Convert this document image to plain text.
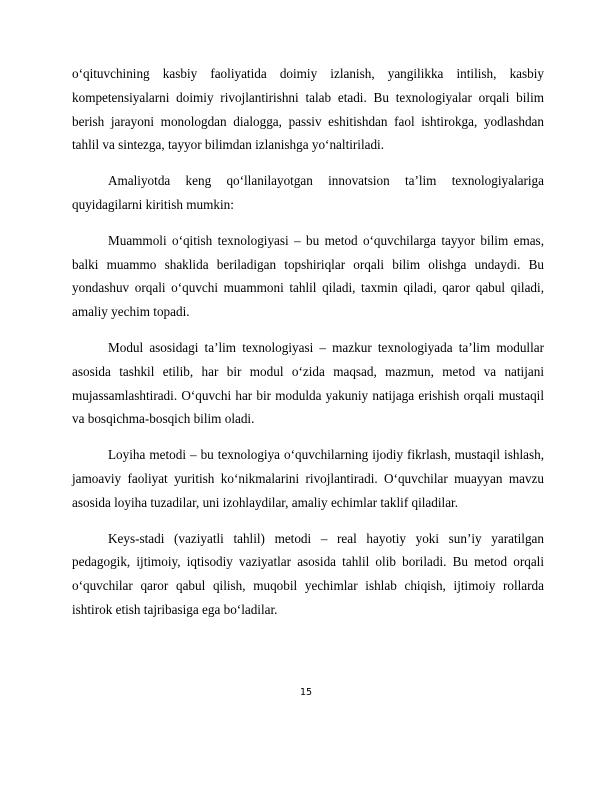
o‘qituvchining kasbiy faoliyatida doimiy izlanish, yangilikka intilish, kasbiy kompetensiyalarni doimiy rivojlantirishni talab etadi. Bu texnologiyalar orqali bilim berish jarayoni monologdan dialogga, passiv eshitishdan faol ishtirokga, yodlashdan tahlil va sintezga, tayyor bilimdan izlanishga yo‘naltiriladi.

Amaliyotda keng qo‘llanilayotgan innovatsion ta’lim texnologiyalariga quyidagilarni kiritish mumkin:

Muammoli o‘qitish texnologiyasi – bu metod o‘quvchilarga tayyor bilim emas, balki muammo shaklida beriladigan topshiriqlar orqali bilim olishga undaydi. Bu yondashuv orqali o‘quvchi muammoni tahlil qiladi, taxmin qiladi, qaror qabul qiladi, amaliy yechim topadi.

Modul asosidagi ta’lim texnologiyasi – mazkur texnologiyada ta’lim modullar asosida tashkil etilib, har bir modul o‘zida maqsad, mazmun, metod va natijani mujassamlashtiradi. O‘quvchi har bir modulda yakuniy natijaga erishish orqali mustaqil va bosqichma-bosqich bilim oladi.

Loyiha metodi – bu texnologiya o‘quvchilarning ijodiy fikrlash, mustaqil ishlash, jamoaviy faoliyat yuritish ko‘nikmalarini rivojlantiradi. O‘quvchilar muayyan mavzu asosida loyiha tuzadilar, uni izohlaydilar, amaliy echimlar taklif qiladilar.

Keys-stadi (vaziyatli tahlil) metodi – real hayotiy yoki sun’iy yaratilgan pedagogik, ijtimoiy, iqtisodiy vaziyatlar asosida tahlil olib boriladi. Bu metod orqali o‘quvchilar qaror qabul qilish, muqobil yechimlar ishlab chiqish, ijtimoiy rollarda ishtirok etish tajribasiga ega bo‘ladilar.

15
